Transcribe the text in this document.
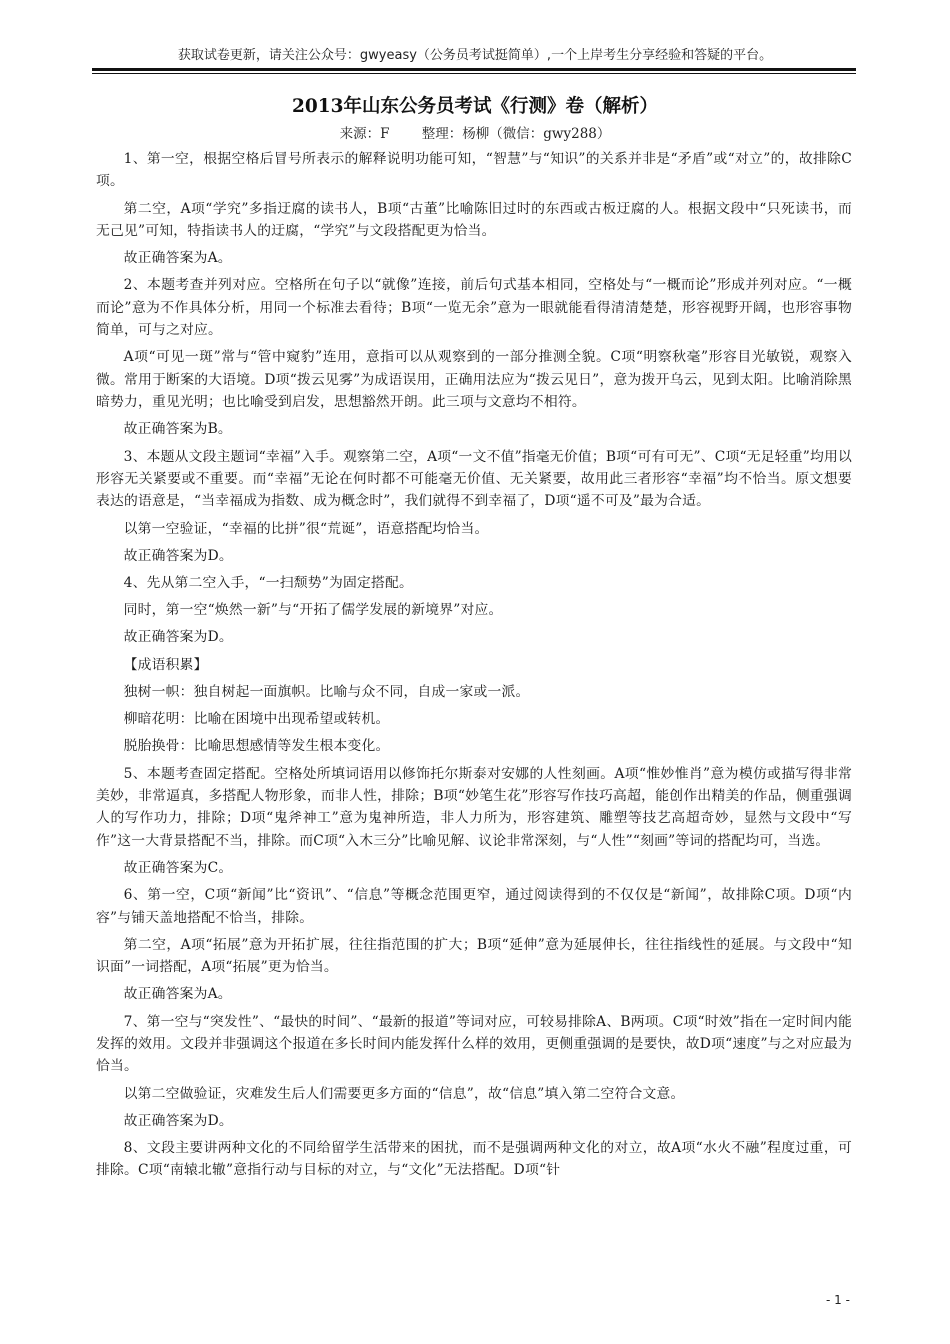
获取试卷更新，请关注公众号：gwyeasy（公务员考试挺简单）,一个上岸考生分享经验和答疑的平台。
2013年山东公务员考试《行测》卷（解析）
来源：F 整理：杨柳（微信：gwy288）

1、第一空，根据空格后冒号所表示的解释说明功能可知，“智慧”与“知识”的关系并非是“矛盾”或“对立”的，故排除C项。

第二空，A项“学究”多指迂腐的读书人，B项“古董”比喻陈旧过时的东西或古板迂腐的人。根据文段中“只死读书，而无己见”可知，特指读书人的迂腐，“学究”与文段搭配更为恰当。

故正确答案为A。

2、本题考查并列对应。空格所在句子以“就像”连接，前后句式基本相同，空格处与“一概而论”形成并列对应。“一概而论”意为不作具体分析，用同一个标准去看待；B项“一览无余”意为一眼就能看得清清楚楚，形容视野开阔，也形容事物简单，可与之对应。

A项“可见一斑”常与“管中窥豹”连用，意指可以从观察到的一部分推测全貌。C项“明察秋毫”形容目光敏锐，观察入微。常用于断案的大语境。D项“拨云见雾”为成语误用，正确用法应为“拨云见日”，意为拨开乌云，见到太阳。比喻消除黑暗势力，重见光明；也比喻受到启发，思想豁然开朗。此三项与文意均不相符。

故正确答案为B。

3、本题从文段主题词“幸福”入手。观察第二空，A项“一文不值”指毫无价值；B项“可有可无”、C项“无足轻重”均用以形容无关紧要或不重要。而“幸福”无论在何时都不可能毫无价值、无关紧要，故用此三者形容“幸福”均不恰当。原文想要表达的语意是，“当幸福成为指数、成为概念时”，我们就得不到幸福了，D项“遥不可及”最为合适。

以第一空验证，“幸福的比拼”很“荒诞”，语意搭配均恰当。

故正确答案为D。

4、先从第二空入手，“一扫颓势”为固定搭配。

同时，第一空“焕然一新”与“开拓了儒学发展的新境界”对应。

故正确答案为D。

【成语积累】

独树一帜：独自树起一面旗帜。比喻与众不同，自成一家或一派。

柳暗花明：比喻在困境中出现希望或转机。

脱胎换骨：比喻思想感情等发生根本变化。

5、本题考查固定搭配。空格处所填词语用以修饰托尔斯泰对安娜的人性刻画。A项“惟妙惟肖”意为模仿或描写得非常美妙，非常逼真，多搭配人物形象，而非人性，排除；B项“妙笔生花”形容写作技巧高超，能创作出精美的作品，侧重强调人的写作功力，排除；D项“鬼斧神工”意为鬼神所造，非人力所为，形容建筑、雕塑等技艺高超奇妙，显然与文段中“写作”这一大背景搭配不当，排除。而C项“入木三分”比喻见解、议论非常深刻，与“人性”“刻画”等词的搭配均可，当选。

故正确答案为C。

6、第一空，C项“新闻”比“资讯”、“信息”等概念范围更窄，通过阅读得到的不仅仅是“新闻”，故排除C项。D项“内容”与铺天盖地搭配不恰当，排除。

第二空，A项“拓展”意为开拓扩展，往往指范围的扩大；B项“延伸”意为延展伸长，往往指线性的延展。与文段中“知识面”一词搭配，A项“拓展”更为恰当。

故正确答案为A。

7、第一空与“突发性”、“最快的时间”、“最新的报道”等词对应，可较易排除A、B两项。C项“时效”指在一定时间内能发挥的效用。文段并非强调这个报道在多长时间内能发挥什么样的效用，更侧重强调的是要快，故D项“速度”与之对应最为恰当。

以第二空做验证，灾难发生后人们需要更多方面的“信息”，故“信息”填入第二空符合文意。

故正确答案为D。

8、文段主要讲两种文化的不同给留学生活带来的困扰，而不是强调两种文化的对立，故A项“水火不融”程度过重，可排除。C项“南辕北辙”意指行动与目标的对立，与“文化”无法搭配。D项“针

- 1 -
